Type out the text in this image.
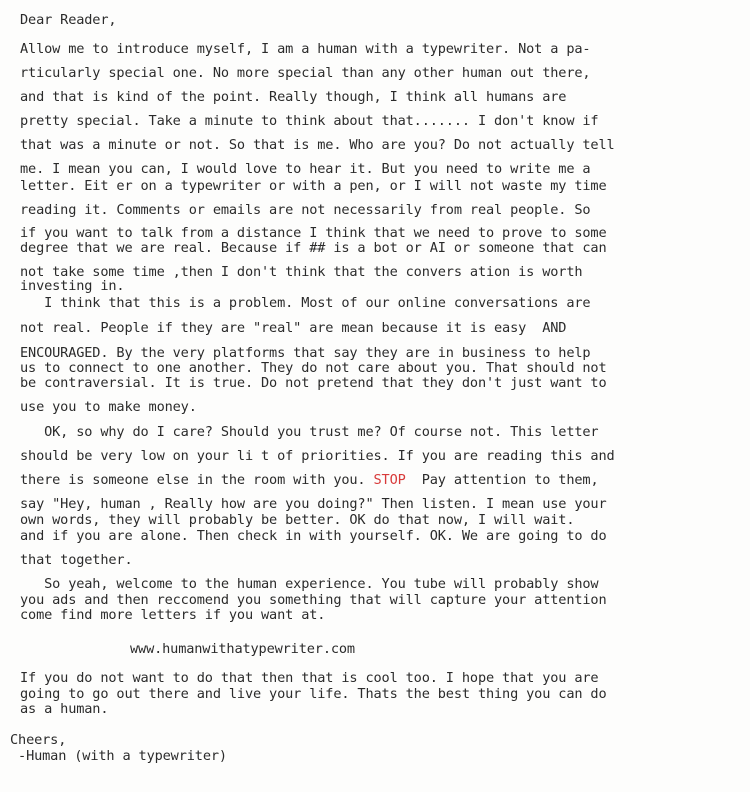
Dear Reader,
Allow me to introduce myself, I am a human with a typewriter. Not a pa-
rticularly special one. No more special than any other human out there,
and that is kind of the point. Really though, I think all humans are
pretty special. Take a minute to think about that....... I don't know if
that was a minute or not. So that is me. Who are you? Do not actually tell
me. I mean you can, I would love to hear it. But you need to write me a
letter. Eit er on a typewriter or with a pen, or I will not waste my time
reading it. Comments or emails are not necessarily from real people. So
if you want to talk from a distance I think that we need to prove to some
degree that we are real. Because if ## is a bot or AI or someone that can
not take some time ,then I don't think that the convers ation is worth
investing in.
I think that this is a problem. Most of our online conversations are
not real. People if they are "real" are mean because it is easy  AND
ENCOURAGED. By the very platforms that say they are in business to help
us to connect to one another. They do not care about you. That should not
be contraversial. It is true. Do not pretend that they don't just want to
use you to make money.
OK, so why do I care? Should you trust me? Of course not. This letter
should be very low on your li t of priorities. If you are reading this and
there is someone else in the room with you. STOP  Pay attention to them,
say "Hey, human , Really how are you doing?" Then listen. I mean use your
own words, they will probably be better. OK do that now, I will wait.
and if you are alone. Then check in with yourself. OK. We are going to do
that together.
So yeah, welcome to the human experience. You tube will probably show
you ads and then reccomend you something that will capture your attention
come find more letters if you want at.
www.humanwithatypewriter.com
If you do not want to do that then that is cool too. I hope that you are
going to go out there and live your life. Thats the best thing you can do
as a human.
Cheers,
-Human (with a typewriter)
